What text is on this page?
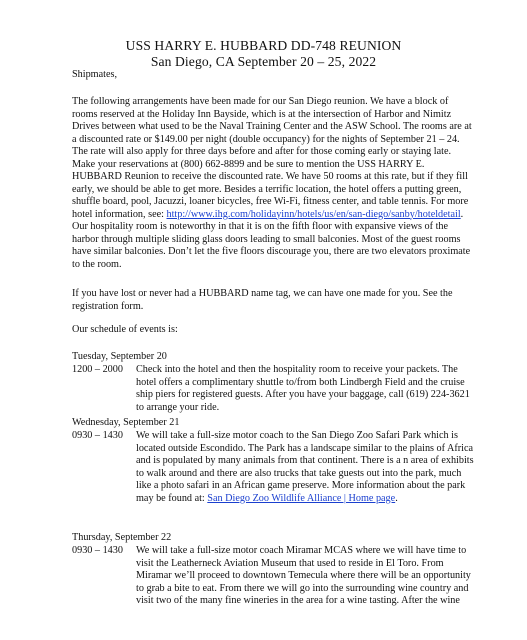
USS HARRY E. HUBBARD DD-748 REUNION
San Diego, CA September 20 – 25, 2022
Shipmates,
The following arrangements have been made for our San Diego reunion. We have a block of rooms reserved at the Holiday Inn Bayside, which is at the intersection of Harbor and Nimitz Drives between what used to be the Naval Training Center and the ASW School. The rooms are at a discounted rate or $149.00 per night (double occupancy) for the nights of September 21 – 24. The rate will also apply for three days before and after for those coming early or staying late. Make your reservations at (800) 662-8899 and be sure to mention the USS HARRY E. HUBBARD Reunion to receive the discounted rate. We have 50 rooms at this rate, but if they fill early, we should be able to get more. Besides a terrific location, the hotel offers a putting green, shuffle board, pool, Jacuzzi, loaner bicycles, free Wi-Fi, fitness center, and table tennis. For more hotel information, see: http://www.ihg.com/holidayinn/hotels/us/en/san-diego/sanby/hoteldetail. Our hospitality room is noteworthy in that it is on the fifth floor with expansive views of the harbor through multiple sliding glass doors leading to small balconies. Most of the guest rooms have similar balconies. Don’t let the five floors discourage you, there are two elevators proximate to the room.
If you have lost or never had a HUBBARD name tag, we can have one made for you. See the registration form.
Our schedule of events is:
Tuesday, September 20
1200 – 2000	Check into the hotel and then the hospitality room to receive your packets. The hotel offers a complimentary shuttle to/from both Lindbergh Field and the cruise ship piers for registered guests. After you have your baggage, call (619) 224-3621 to arrange your ride.
Wednesday, September 21
0930 – 1430	We will take a full-size motor coach to the San Diego Zoo Safari Park which is located outside Escondido. The Park has a landscape similar to the plains of Africa and is populated by many animals from that continent. There is a n area of exhibits to walk around and there are also trucks that take guests out into the park, much like a photo safari in an African game preserve. More information about the park may be found at: San Diego Zoo Wildlife Alliance | Home page.
Thursday, September 22
0930 – 1430	We will take a full-size motor coach Miramar MCAS where we will have time to visit the Leatherneck Aviation Museum that used to reside in El Toro. From Miramar we’ll proceed to downtown Temecula where there will be an opportunity to grab a bite to eat. From there we will go into the surrounding wine country and visit two of the many fine wineries in the area for a wine tasting. After the wine
